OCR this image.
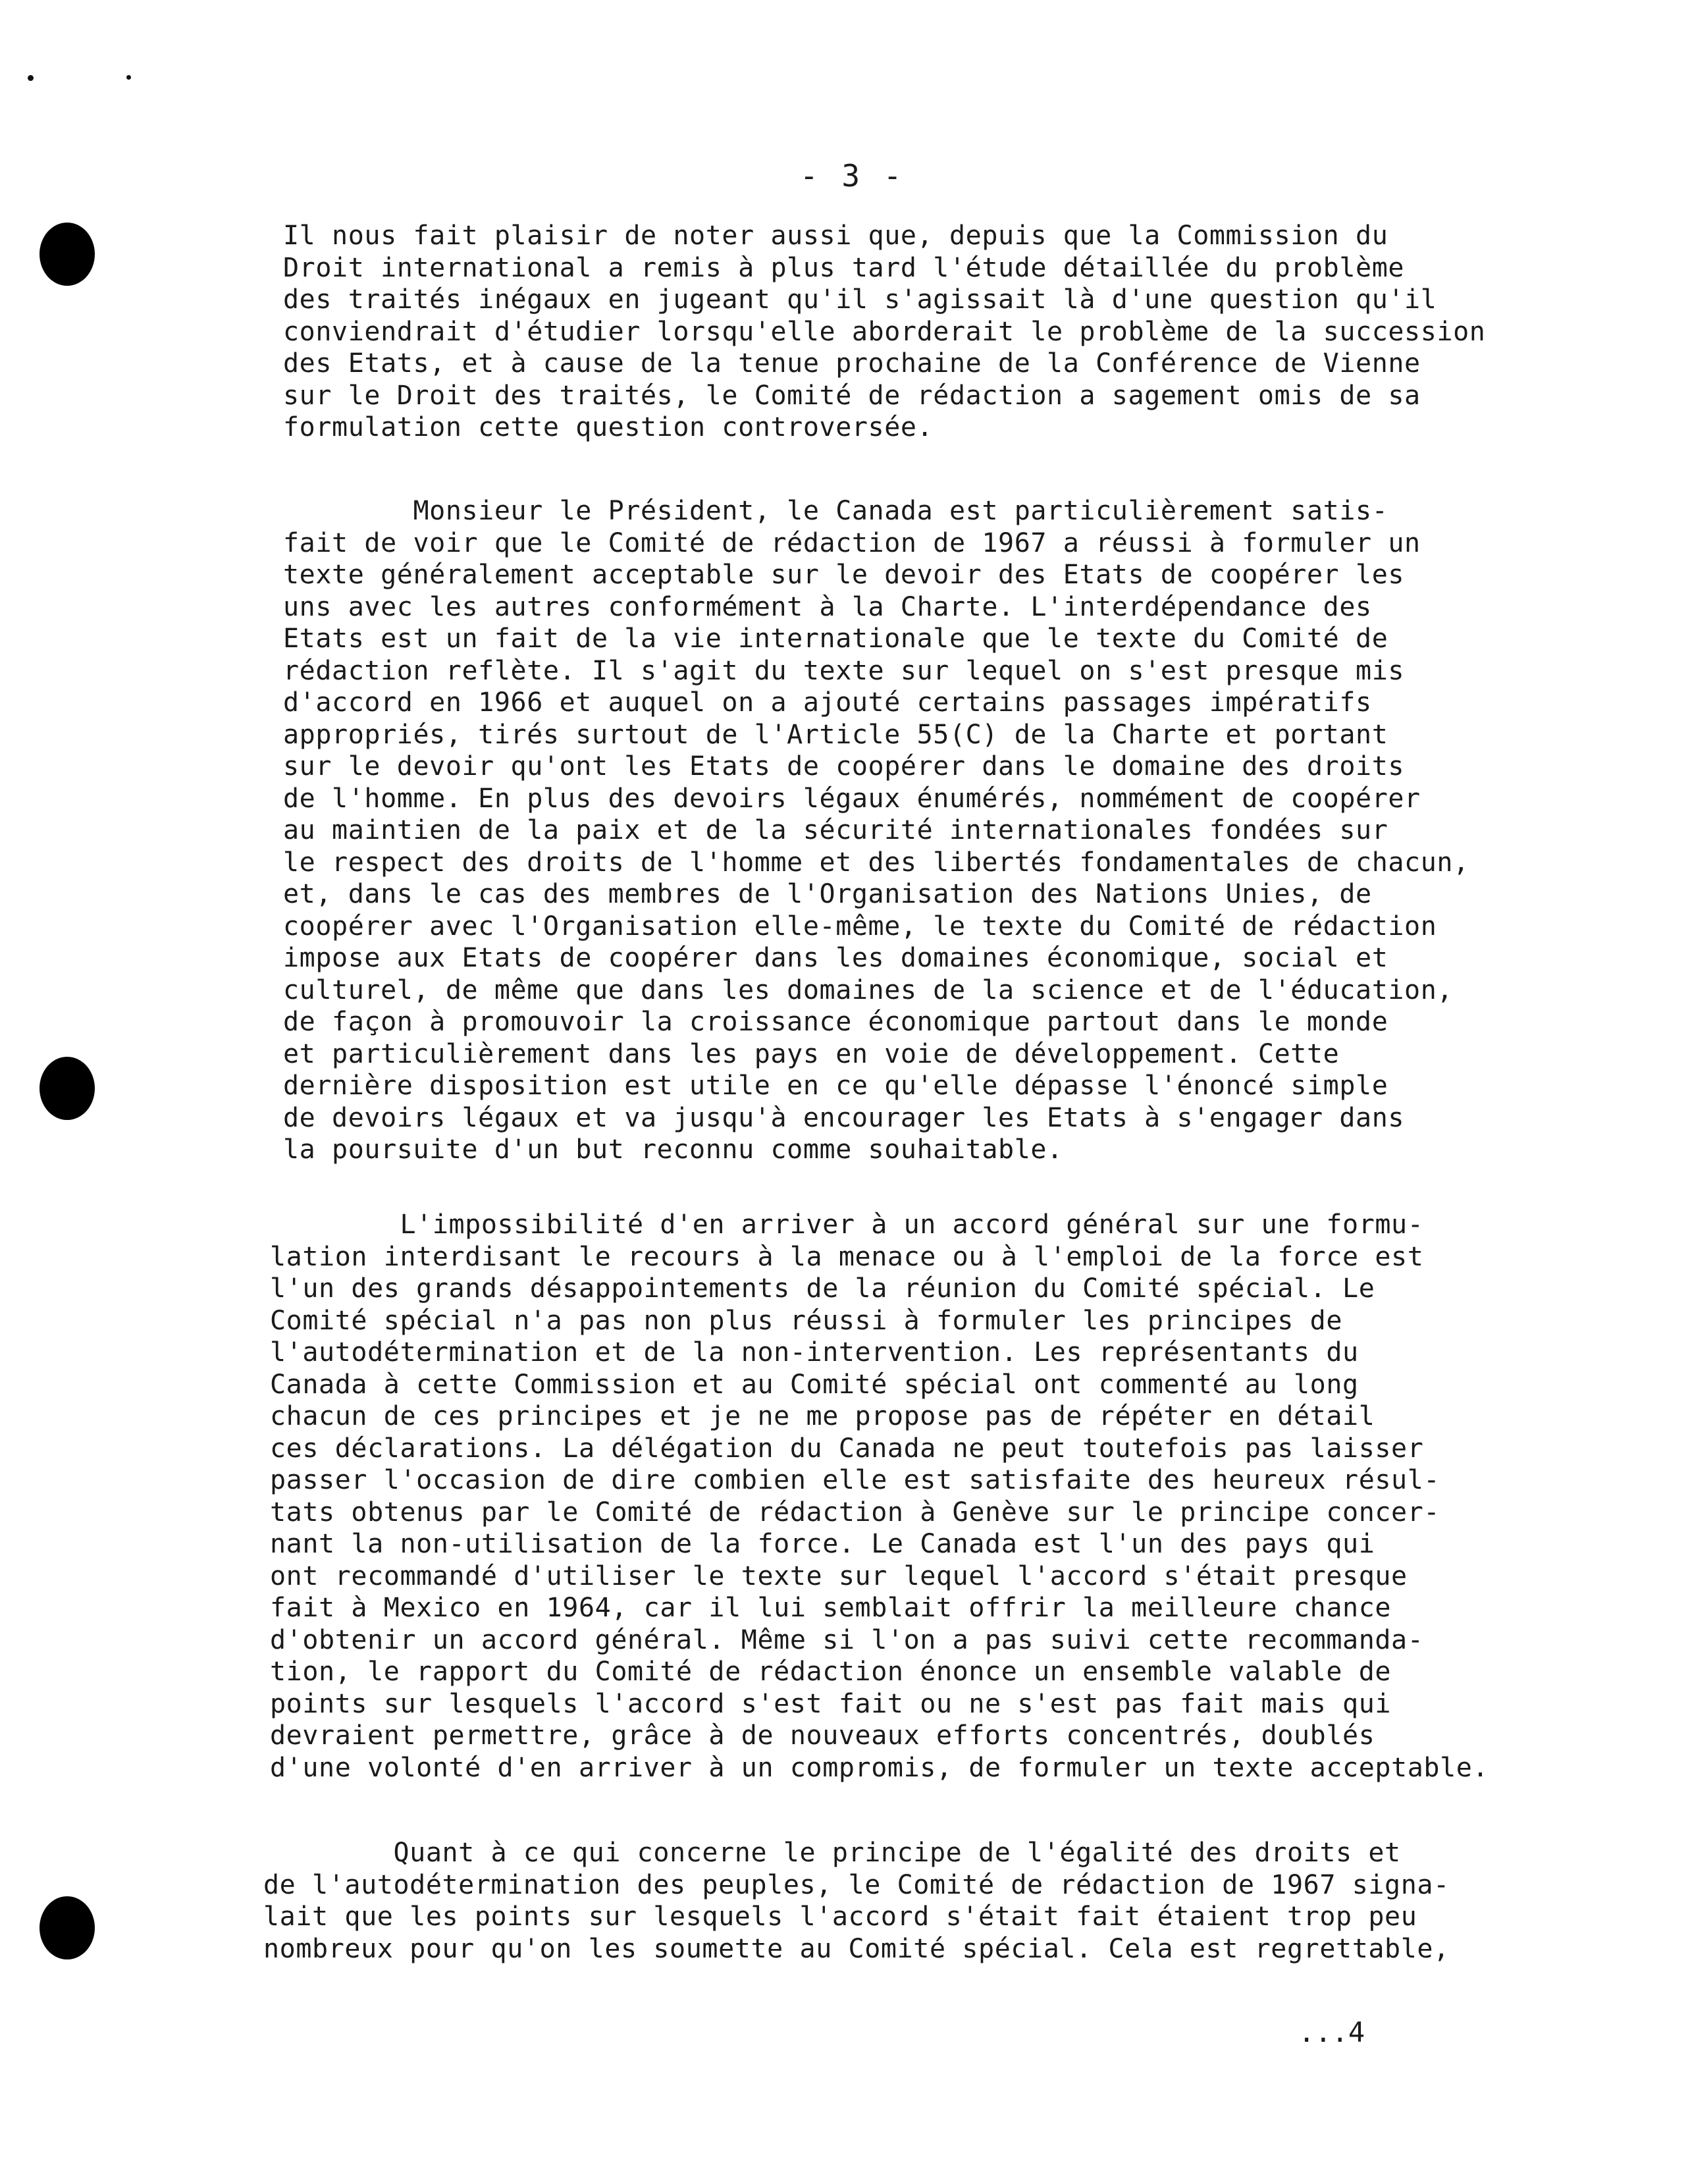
- 3 -
Il nous fait plaisir de noter aussi que, depuis que la Commission du
Droit international a remis à plus tard l'étude détaillée du problème
des traités inégaux en jugeant qu'il s'agissait là d'une question qu'il
conviendrait d'étudier lorsqu'elle aborderait le problème de la succession
des Etats, et à cause de la tenue prochaine de la Conférence de Vienne
sur le Droit des traités, le Comité de rédaction a sagement omis de sa
formulation cette question controversée.
Monsieur le Président, le Canada est particulièrement satis-
fait de voir que le Comité de rédaction de 1967 a réussi à formuler un
texte généralement acceptable sur le devoir des Etats de coopérer les
uns avec les autres conformément à la Charte. L'interdépendance des
Etats est un fait de la vie internationale que le texte du Comité de
rédaction reflète. Il s'agit du texte sur lequel on s'est presque mis
d'accord en 1966 et auquel on a ajouté certains passages impératifs
appropriés, tirés surtout de l'Article 55(C) de la Charte et portant
sur le devoir qu'ont les Etats de coopérer dans le domaine des droits
de l'homme. En plus des devoirs légaux énumérés, nommément de coopérer
au maintien de la paix et de la sécurité internationales fondées sur
le respect des droits de l'homme et des libertés fondamentales de chacun,
et, dans le cas des membres de l'Organisation des Nations Unies, de
coopérer avec l'Organisation elle-même, le texte du Comité de rédaction
impose aux Etats de coopérer dans les domaines économique, social et
culturel, de même que dans les domaines de la science et de l'éducation,
de façon à promouvoir la croissance économique partout dans le monde
et particulièrement dans les pays en voie de développement. Cette
dernière disposition est utile en ce qu'elle dépasse l'énoncé simple
de devoirs légaux et va jusqu'à encourager les Etats à s'engager dans
la poursuite d'un but reconnu comme souhaitable.
L'impossibilité d'en arriver à un accord général sur une formu-
lation interdisant le recours à la menace ou à l'emploi de la force est
l'un des grands désappointements de la réunion du Comité spécial. Le
Comité spécial n'a pas non plus réussi à formuler les principes de
l'autodétermination et de la non-intervention. Les représentants du
Canada à cette Commission et au Comité spécial ont commenté au long
chacun de ces principes et je ne me propose pas de répéter en détail
ces déclarations. La délégation du Canada ne peut toutefois pas laisser
passer l'occasion de dire combien elle est satisfaite des heureux résul-
tats obtenus par le Comité de rédaction à Genève sur le principe concer-
nant la non-utilisation de la force. Le Canada est l'un des pays qui
ont recommandé d'utiliser le texte sur lequel l'accord s'était presque
fait à Mexico en 1964, car il lui semblait offrir la meilleure chance
d'obtenir un accord général. Même si l'on a pas suivi cette recommanda-
tion, le rapport du Comité de rédaction énonce un ensemble valable de
points sur lesquels l'accord s'est fait ou ne s'est pas fait mais qui
devraient permettre, grâce à de nouveaux efforts concentrés, doublés
d'une volonté d'en arriver à un compromis, de formuler un texte acceptable.
Quant à ce qui concerne le principe de l'égalité des droits et
de l'autodétermination des peuples, le Comité de rédaction de 1967 signa-
lait que les points sur lesquels l'accord s'était fait étaient trop peu
nombreux pour qu'on les soumette au Comité spécial. Cela est regrettable,
...4
